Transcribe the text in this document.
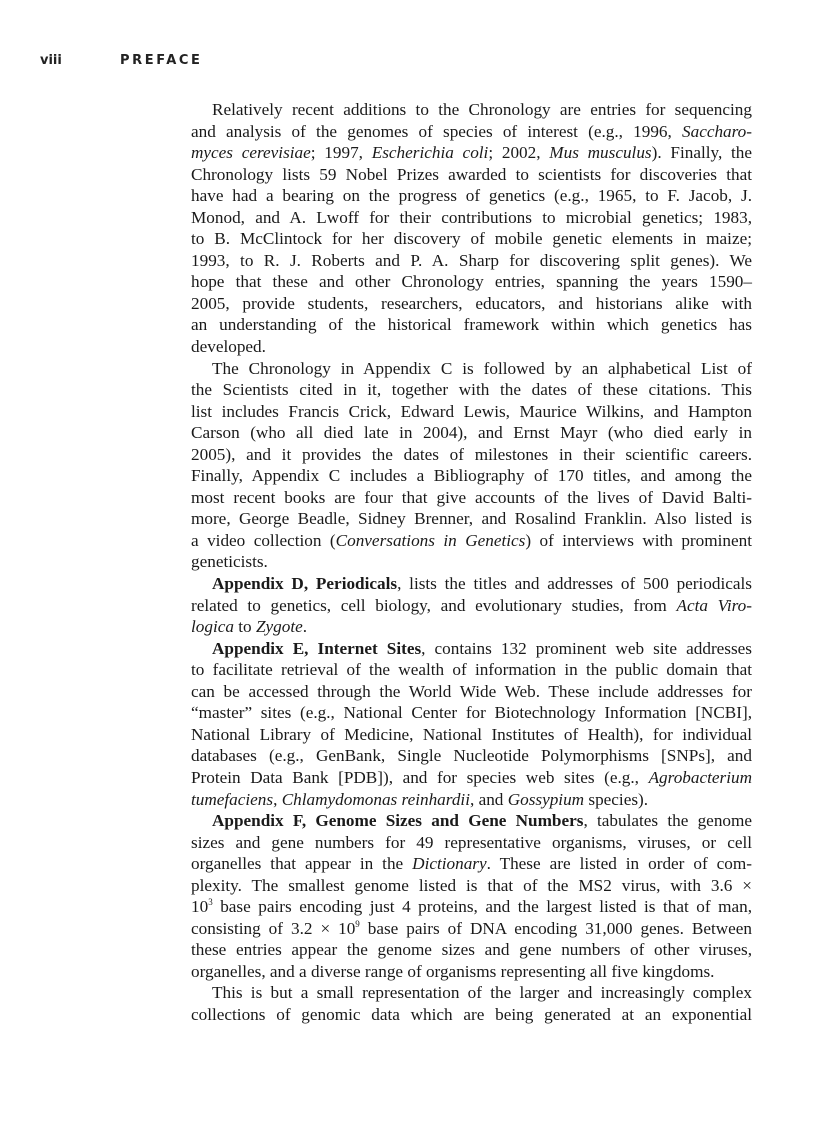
viii	PREFACE
Relatively recent additions to the Chronology are entries for sequencing
and analysis of the genomes of species of interest (e.g., 1996, Saccharo-
myces cerevisiae; 1997, Escherichia coli; 2002, Mus musculus). Finally, the
Chronology lists 59 Nobel Prizes awarded to scientists for discoveries that
have had a bearing on the progress of genetics (e.g., 1965, to F. Jacob, J.
Monod, and A. Lwoff for their contributions to microbial genetics; 1983,
to B. McClintock for her discovery of mobile genetic elements in maize;
1993, to R. J. Roberts and P. A. Sharp for discovering split genes). We
hope that these and other Chronology entries, spanning the years 1590–
2005, provide students, researchers, educators, and historians alike with
an understanding of the historical framework within which genetics has
developed.
The Chronology in Appendix C is followed by an alphabetical List of
the Scientists cited in it, together with the dates of these citations. This
list includes Francis Crick, Edward Lewis, Maurice Wilkins, and Hampton
Carson (who all died late in 2004), and Ernst Mayr (who died early in
2005), and it provides the dates of milestones in their scientific careers.
Finally, Appendix C includes a Bibliography of 170 titles, and among the
most recent books are four that give accounts of the lives of David Balti-
more, George Beadle, Sidney Brenner, and Rosalind Franklin. Also listed is
a video collection (Conversations in Genetics) of interviews with prominent
geneticists.
Appendix D, Periodicals, lists the titles and addresses of 500 periodicals
related to genetics, cell biology, and evolutionary studies, from Acta Viro-
logica to Zygote.
Appendix E, Internet Sites, contains 132 prominent web site addresses
to facilitate retrieval of the wealth of information in the public domain that
can be accessed through the World Wide Web. These include addresses for
“master” sites (e.g., National Center for Biotechnology Information [NCBI],
National Library of Medicine, National Institutes of Health), for individual
databases (e.g., GenBank, Single Nucleotide Polymorphisms [SNPs], and
Protein Data Bank [PDB]), and for species web sites (e.g., Agrobacterium
tumefaciens, Chlamydomonas reinhardii, and Gossypium species).
Appendix F, Genome Sizes and Gene Numbers, tabulates the genome
sizes and gene numbers for 49 representative organisms, viruses, or cell
organelles that appear in the Dictionary. These are listed in order of com-
plexity. The smallest genome listed is that of the MS2 virus, with 3.6 ×
$10^3$ base pairs encoding just 4 proteins, and the largest listed is that of man,
consisting of $3.2 \times 10^9$ base pairs of DNA encoding 31,000 genes. Between
these entries appear the genome sizes and gene numbers of other viruses,
organelles, and a diverse range of organisms representing all five kingdoms.
This is but a small representation of the larger and increasingly complex
collections of genomic data which are being generated at an exponential
